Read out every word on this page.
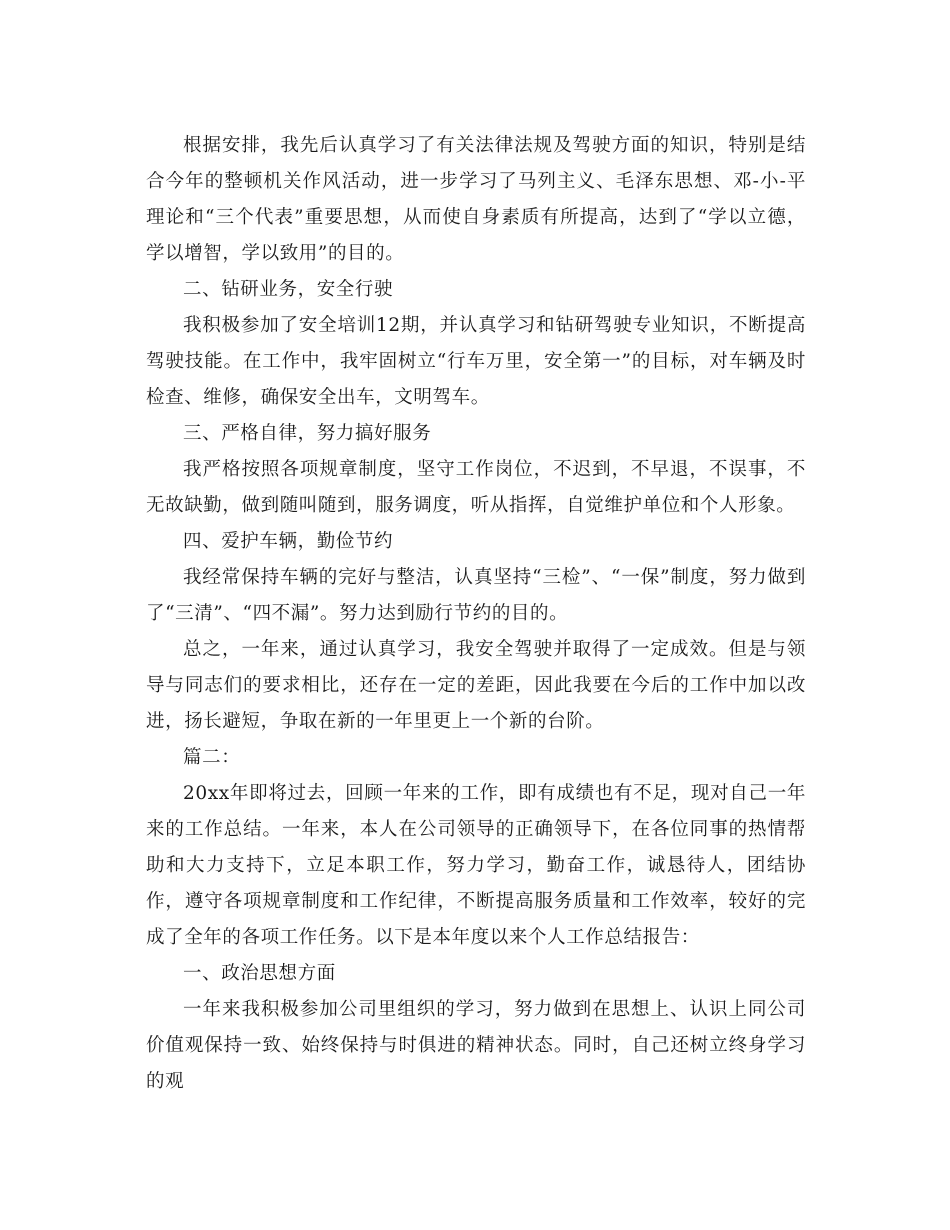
根据安排，我先后认真学习了有关法律法规及驾驶方面的知识，特别是结合今年的整顿机关作风活动，进一步学习了马列主义、毛泽东思想、邓-小-平理论和“三个代表”重要思想，从而使自身素质有所提高，达到了“学以立德，学以增智，学以致用”的目的。

二、钻研业务，安全行驶

我积极参加了安全培训12期，并认真学习和钻研驾驶专业知识，不断提高驾驶技能。在工作中，我牢固树立“行车万里，安全第一”的目标，对车辆及时检查、维修，确保安全出车，文明驾车。

三、严格自律，努力搞好服务

我严格按照各项规章制度，坚守工作岗位，不迟到，不早退，不误事，不无故缺勤，做到随叫随到，服务调度，听从指挥，自觉维护单位和个人形象。

四、爱护车辆，勤俭节约

我经常保持车辆的完好与整洁，认真坚持“三检”、“一保”制度，努力做到了“三清”、“四不漏”。努力达到励行节约的目的。

总之，一年来，通过认真学习，我安全驾驶并取得了一定成效。但是与领导与同志们的要求相比，还存在一定的差距，因此我要在今后的工作中加以改进，扬长避短，争取在新的一年里更上一个新的台阶。

篇二：

20xx年即将过去，回顾一年来的工作，即有成绩也有不足，现对自己一年来的工作总结。一年来，本人在公司领导的正确领导下，在各位同事的热情帮助和大力支持下，立足本职工作，努力学习，勤奋工作，诚恳待人，团结协作，遵守各项规章制度和工作纪律，不断提高服务质量和工作效率，较好的完成了全年的各项工作任务。以下是本年度以来个人工作总结报告：

一、政治思想方面

一年来我积极参加公司里组织的学习，努力做到在思想上、认识上同公司价值观保持一致、始终保持与时俱进的精神状态。同时，自己还树立终身学习的观
